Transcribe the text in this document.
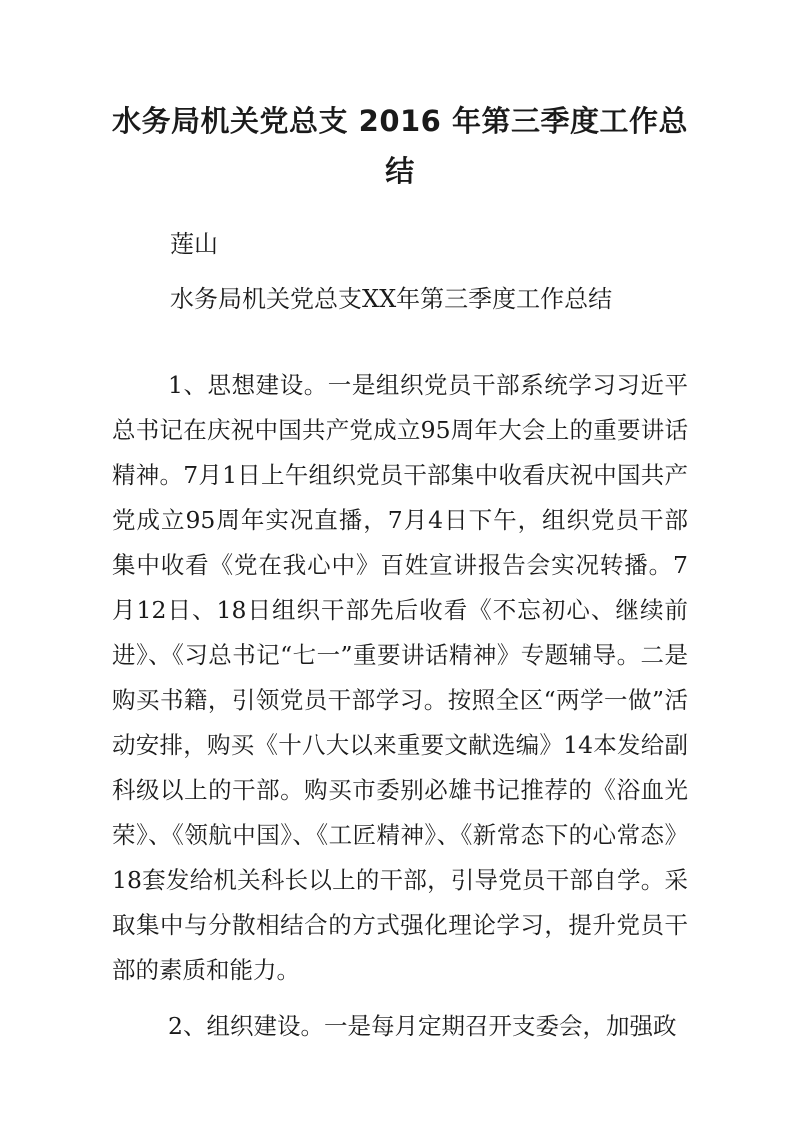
水务局机关党总支 2016 年第三季度工作总结
莲山
水务局机关党总支XX年第三季度工作总结

1、思想建设。一是组织党员干部系统学习习近平总书记在庆祝中国共产党成立95周年大会上的重要讲话精神。7月1日上午组织党员干部集中收看庆祝中国共产党成立95周年实况直播，7月4日下午，组织党员干部集中收看《党在我心中》百姓宣讲报告会实况转播。7月12日、18日组织干部先后收看《不忘初心、继续前进》、《习总书记“七一”重要讲话精神》专题辅导。二是购买书籍，引领党员干部学习。按照全区“两学一做”活动安排，购买《十八大以来重要文献选编》14本发给副科级以上的干部。购买市委别必雄书记推荐的《浴血光荣》、《领航中国》、《工匠精神》、《新常态下的心常态》18套发给机关科长以上的干部，引导党员干部自学。采取集中与分散相结合的方式强化理论学习，提升党员干部的素质和能力。

2、组织建设。一是每月定期召开支委会，加强政
